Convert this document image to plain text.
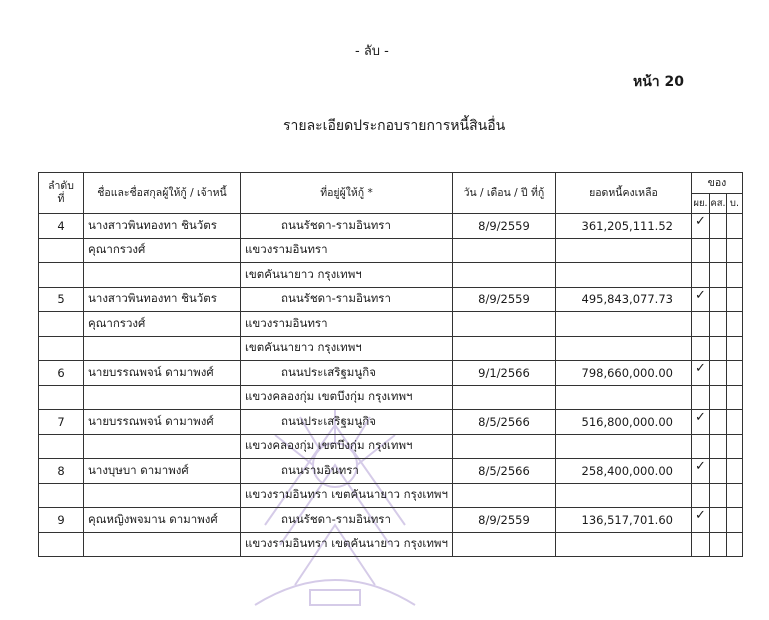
- ลับ -
หน้า 20
รายละเอียดประกอบรายการหนี้สินอื่น
ลำดับ ที่	ชื่อและชื่อสกุลผู้ให้กู้ / เจ้าหนี้	ที่อยู่ผู้ให้กู้ *	วัน / เดือน / ปี ที่กู้	ยอดหนี้คงเหลือ	ของ		
					ผย.	คส.	บ.
4	นางสาวพินทองทา ชินวัตร	ถนนรัชดา-รามอินทรา	8/9/2559	361,205,111.52	✓		
	คุณากรวงศ์	แขวงรามอินทรา					
		เขตคันนายาว กรุงเทพฯ					
5	นางสาวพินทองทา ชินวัตร	ถนนรัชดา-รามอินทรา	8/9/2559	495,843,077.73	✓		
	คุณากรวงศ์	แขวงรามอินทรา					
		เขตคันนายาว กรุงเทพฯ					
6	นายบรรณพจน์ ดามาพงศ์	ถนนประเสริฐมนูกิจ	9/1/2566	798,660,000.00	✓		
		แขวงคลองกุ่ม เขตบึงกุ่ม กรุงเทพฯ					
7	นายบรรณพจน์ ดามาพงศ์	ถนนประเสริฐมนูกิจ	8/5/2566	516,800,000.00	✓		
		แขวงคลองกุ่ม เขตบึงกุ่ม กรุงเทพฯ					
8	นางบุษบา ดามาพงศ์	ถนนรามอินทรา	8/5/2566	258,400,000.00	✓		
		แขวงรามอินทรา เขตคันนายาว กรุงเทพฯ					
9	คุณหญิงพจมาน ดามาพงศ์	ถนนรัชดา-รามอินทรา	8/9/2559	136,517,701.60	✓		
		แขวงรามอินทรา เขตคันนายาว กรุงเทพฯ					
